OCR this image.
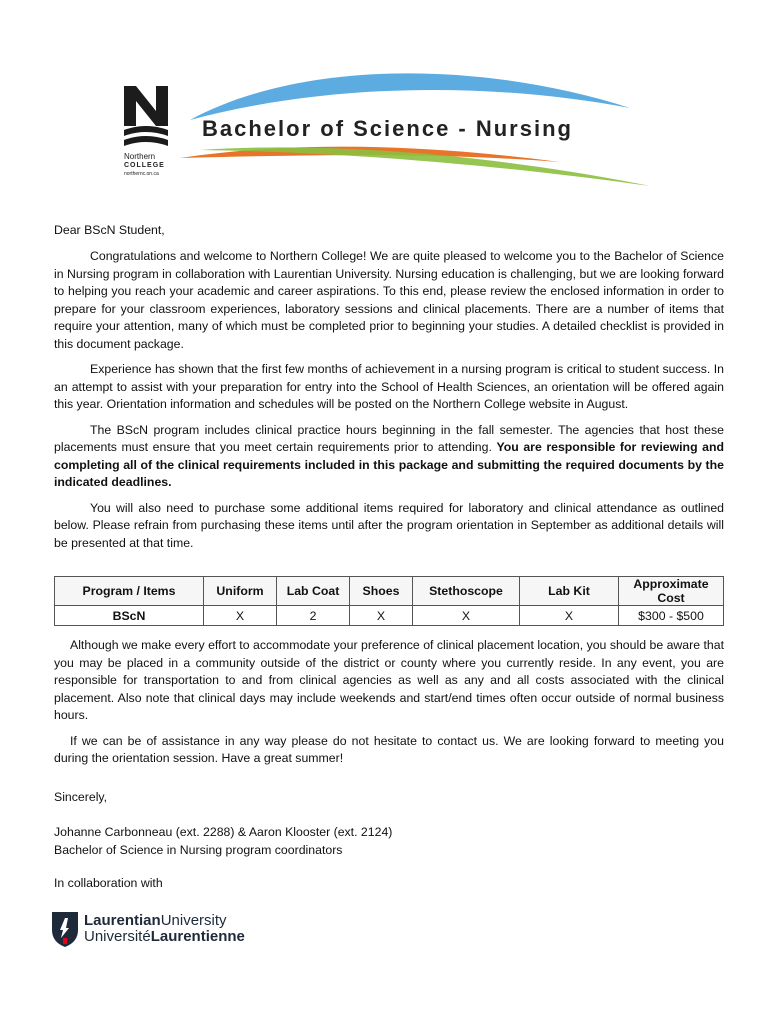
Northern
COLLEGE
northernc.on.ca
Bachelor of Science - Nursing
Dear BScN Student,

Congratulations and welcome to Northern College! We are quite pleased to welcome you to the Bachelor of Science in Nursing program in collaboration with Laurentian University. Nursing education is challenging, but we are looking forward to helping you reach your academic and career aspirations. To this end, please review the enclosed information in order to prepare for your classroom experiences, laboratory sessions and clinical placements. There are a number of items that require your attention, many of which must be completed prior to beginning your studies. A detailed checklist is provided in this document package.

Experience has shown that the first few months of achievement in a nursing program is critical to student success. In an attempt to assist with your preparation for entry into the School of Health Sciences, an orientation will be offered again this year. Orientation information and schedules will be posted on the Northern College website in August.

The BScN program includes clinical practice hours beginning in the fall semester. The agencies that host these placements must ensure that you meet certain requirements prior to attending. You are responsible for reviewing and completing all of the clinical requirements included in this package and submitting the required documents by the indicated deadlines.

You will also need to purchase some additional items required for laboratory and clinical attendance as outlined below. Please refrain from purchasing these items until after the program orientation in September as additional details will be presented at that time.

Program / Items	Uniform	Lab Coat	Shoes	Stethoscope	Lab Kit	Approximate Cost
BScN	X	2	X	X	X	$300 - $500

Although we make every effort to accommodate your preference of clinical placement location, you should be aware that you may be placed in a community outside of the district or county where you currently reside. In any event, you are responsible for transportation to and from clinical agencies as well as any and all costs associated with the clinical placement. Also note that clinical days may include weekends and start/end times often occur outside of normal business hours.

If we can be of assistance in any way please do not hesitate to contact us. We are looking forward to meeting you during the orientation session. Have a great summer!

Sincerely,
Johanne Carbonneau (ext. 2288) & Aaron Klooster (ext. 2124)
Bachelor of Science in Nursing program coordinators
In collaboration with
LaurentianUniversity
UniversitéLaurentienne
